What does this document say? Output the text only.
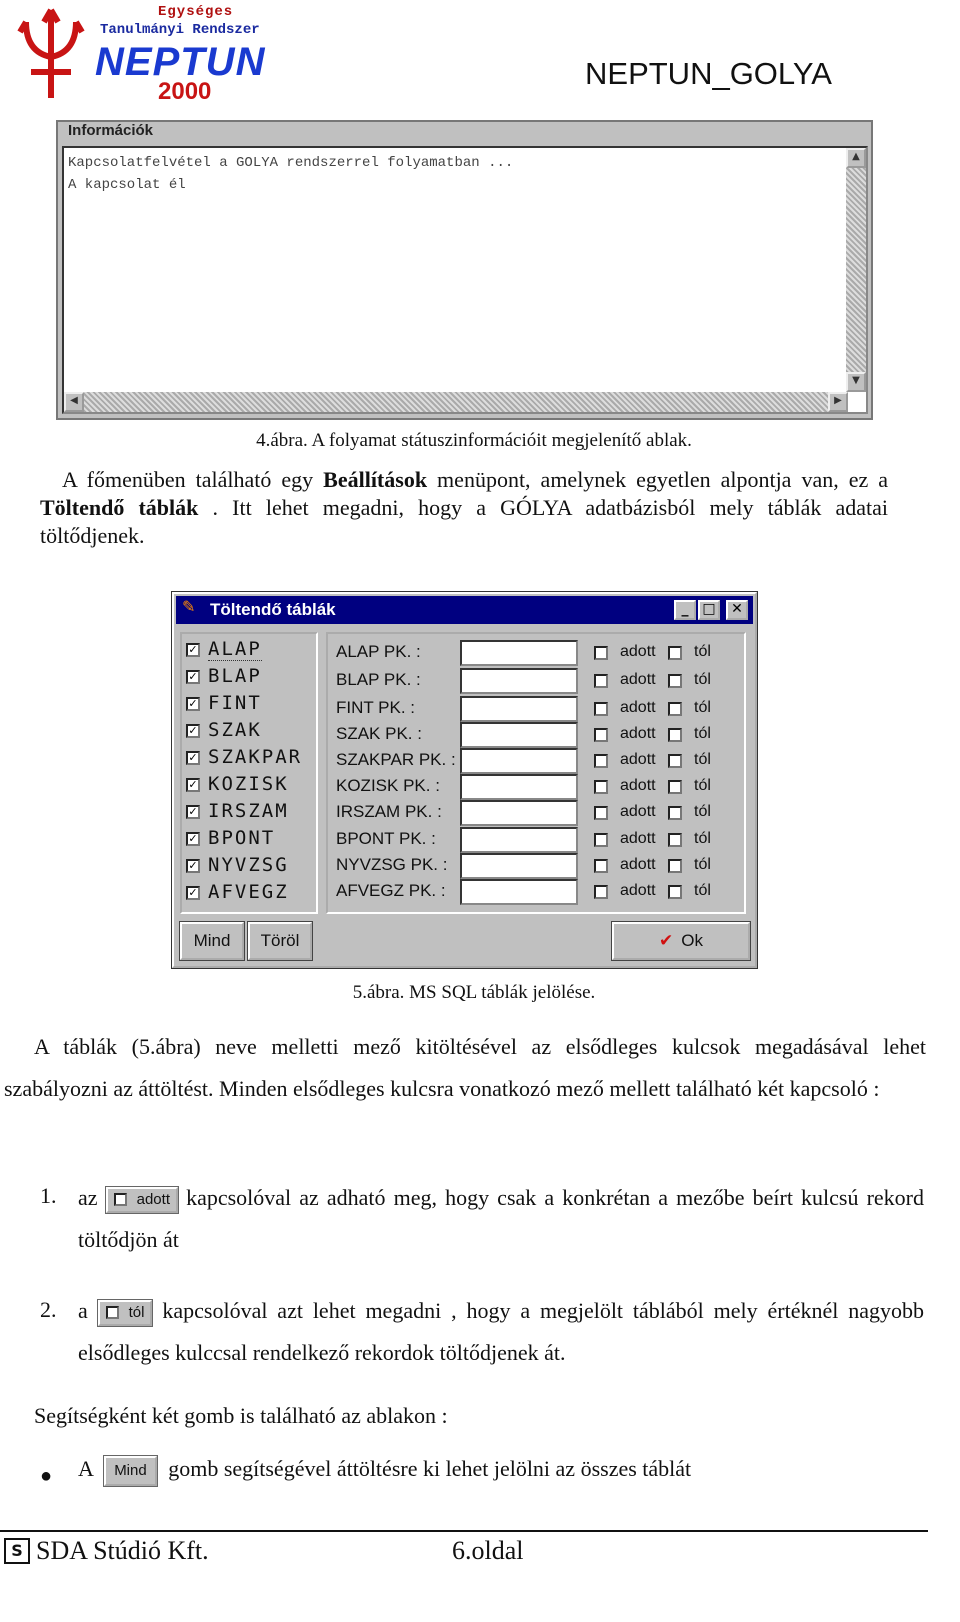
Egységes
Tanulmányi Rendszer
NEPTUN
2000
NEPTUN_GOLYA
Információk
Kapcsolatfelvétel a GOLYA rendszerrel folyamatban ...
A kapcsolat él
▲
▼
◀	▶
4.ábra. A folyamat státuszinformációit megjelenítő ablak.
A főmenüben található egy Beállítások menüpont, amelynek egyetlen alpontja van, ez a Töltendő táblák . Itt lehet megadni, hogy a GÓLYA adatbázisból mely táblák adatai töltődjenek.
Töltendő táblák
✎	_ □	✕
✓ ALAP
✓ BLAP
✓ FINT
✓ SZAK
✓ SZAKPAR
✓ KOZISK
✓ IRSZAM
✓ BPONT
✓ NYVZSG
✓ AFVEGZ
ALAP PK. :	adott tól
BLAP PK. :	adott tól
FINT PK. :	adott tól
SZAK PK. :	adott tól
SZAKPAR PK. :	adott tól
KOZISK PK. :	adott tól
IRSZAM PK. :	adott tól
BPONT PK. :	adott tól
NYVZSG PK. :	adott tól
AFVEGZ PK. :	adott tól
Mind	Töröl	✔ Ok
5.ábra. MS SQL táblák jelölése.
A táblák (5.ábra) neve melletti mező kitöltésével az elsődleges kulcsok megadásával lehet szabályozni az áttöltést. Minden elsődleges kulcsra vonatkozó mező mellett található két kapcsoló :
1. az	adott kapcsolóval az adható meg, hogy csak a konkrétan a mezőbe beírt kulcsú rekord töltődjön át
2. a	tól kapcsolóval azt lehet megadni , hogy a megjelölt táblából mely értéknél nagyobb elsődleges kulccsal rendelkező rekordok töltődjenek át.
Segítségként két gomb is található az ablakon :
● A Mind gomb segítségével áttöltésre ki lehet jelölni az összes táblát
S SDA Stúdió Kft.	6.oldal
